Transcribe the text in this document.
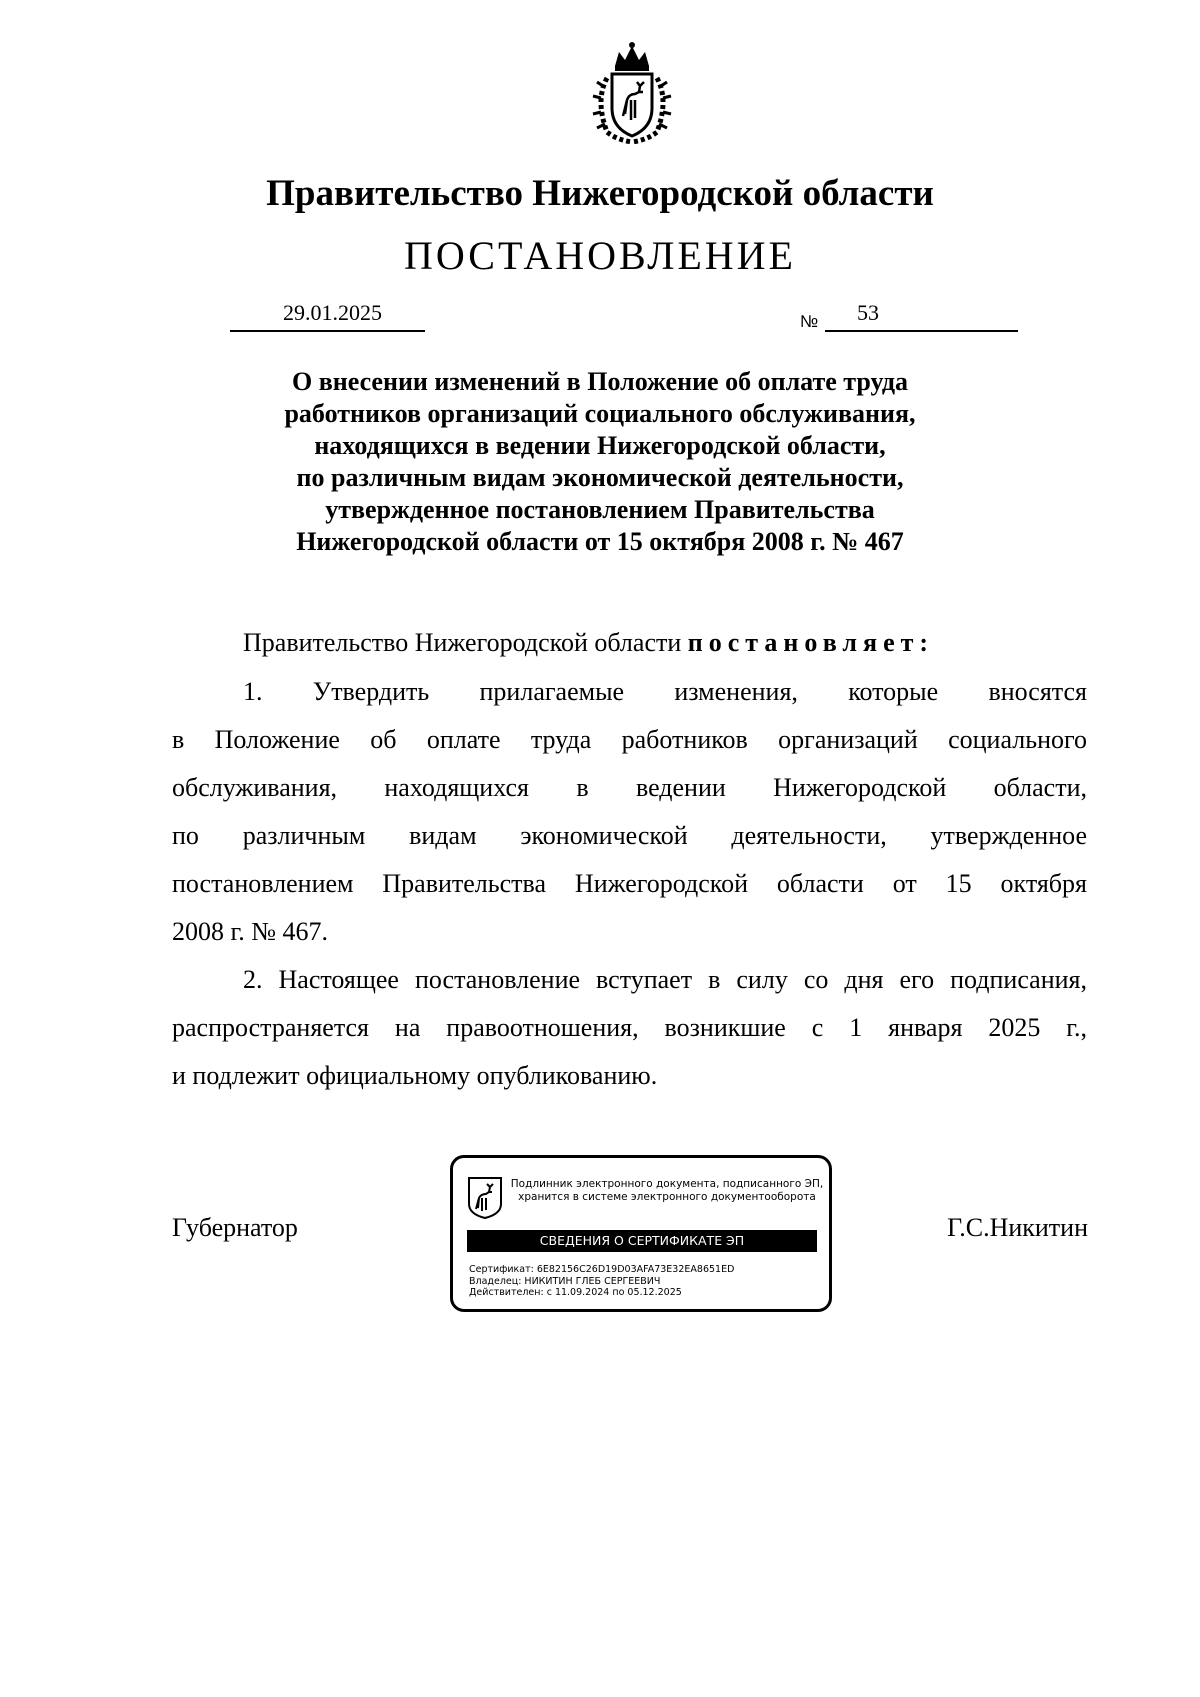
Правительство Нижегородской области
ПОСТАНОВЛЕНИЕ
29.01.2025	№	53
О внесении изменений в Положение об оплате труда
работников организаций социального обслуживания,
находящихся в ведении Нижегородской области,
по различным видам экономической деятельности,
утвержденное постановлением Правительства
Нижегородской области от 15 октября 2008 г. № 467
Правительство Нижегородской области постановляет:
1. Утвердить прилагаемые изменения, которые вносятся
в Положение об оплате труда работников организаций социального
обслуживания, находящихся в ведении Нижегородской области,
по различным видам экономической деятельности, утвержденное
постановлением Правительства Нижегородской области от 15 октября
2008 г. № 467.
2. Настоящее постановление вступает в силу со дня его подписания,
распространяется на правоотношения, возникшие с 1 января 2025 г.,
и подлежит официальному опубликованию.
Губернатор	Г.С.Никитин
Подлинник электронного документа, подписанного ЭП,
хранится в системе электронного документооборота
СВЕДЕНИЯ О СЕРТИФИКАТЕ ЭП
Сертификат: 6E82156C26D19D03AFA73E32EA8651ED
Владелец: НИКИТИН ГЛЕБ СЕРГЕЕВИЧ
Действителен: с 11.09.2024 по 05.12.2025
